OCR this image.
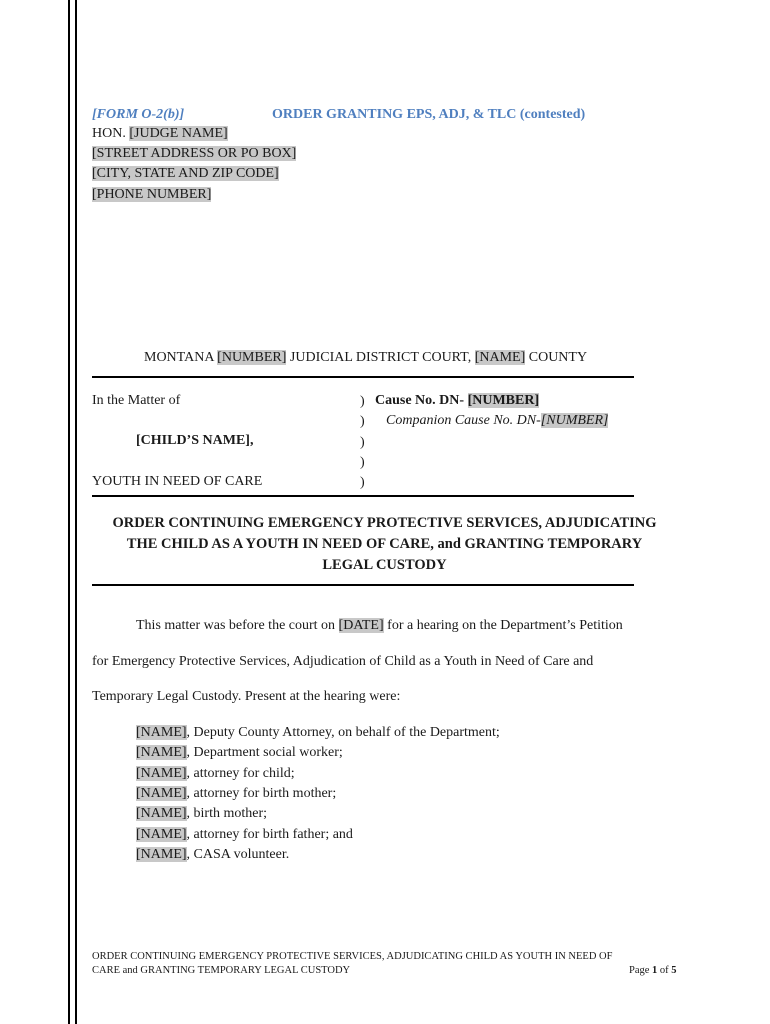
[FORM O-2(b)]	ORDER GRANTING EPS, ADJ, & TLC (contested)
HON. [JUDGE NAME]
[STREET ADDRESS OR PO BOX]
[CITY, STATE AND ZIP CODE]
[PHONE NUMBER]
MONTANA [NUMBER] JUDICIAL DISTRICT COURT, [NAME] COUNTY
In the Matter of
[CHILD’S NAME],
YOUTH IN NEED OF CARE
)
)
)
)
)
Cause No. DN- [NUMBER]
Companion Cause No. DN-[NUMBER]
ORDER CONTINUING EMERGENCY PROTECTIVE SERVICES, ADJUDICATING
THE CHILD AS A YOUTH IN NEED OF CARE, and GRANTING TEMPORARY
LEGAL CUSTODY
This matter was before the court on [DATE] for a hearing on the Department’s Petition
for Emergency Protective Services, Adjudication of Child as a Youth in Need of Care and
Temporary Legal Custody. Present at the hearing were:
[NAME], Deputy County Attorney, on behalf of the Department;
[NAME], Department social worker;
[NAME], attorney for child;
[NAME], attorney for birth mother;
[NAME], birth mother;
[NAME], attorney for birth father; and
[NAME], CASA volunteer.
ORDER CONTINUING EMERGENCY PROTECTIVE SERVICES, ADJUDICATING CHILD AS YOUTH IN NEED OF
CARE and GRANTING TEMPORARY LEGAL CUSTODY	Page 1 of 5
